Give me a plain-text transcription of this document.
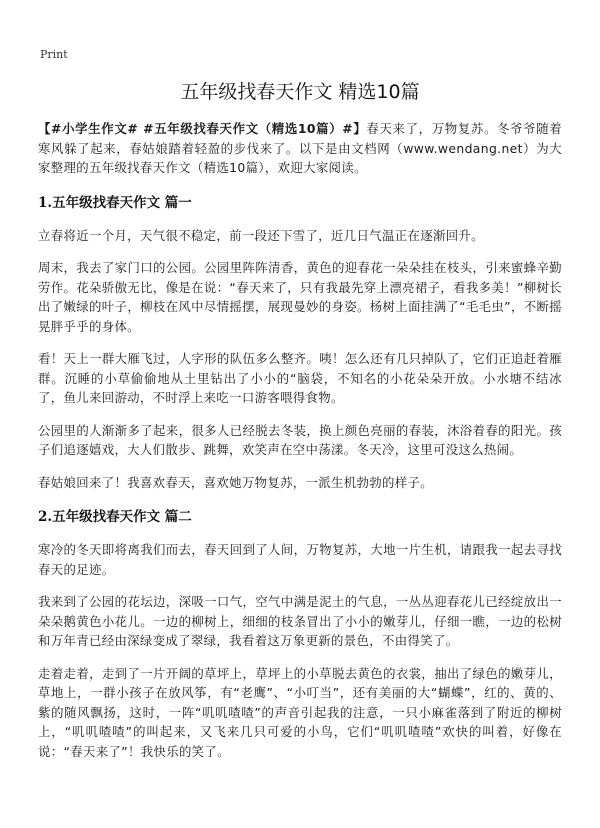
Print
五年级找春天作文 精选10篇

【#小学生作文# #五年级找春天作文（精选10篇）#】春天来了，万物复苏。冬爷爷随着寒风躲了起来，春姑娘踏着轻盈的步伐来了。以下是由文档网（www.wendang.net）为大家整理的五年级找春天作文（精选10篇），欢迎大家阅读。

1.五年级找春天作文 篇一

立春将近一个月，天气很不稳定，前一段还下雪了，近几日气温正在逐渐回升。

周末，我去了家门口的公园。公园里阵阵清香，黄色的迎春花一朵朵挂在枝头，引来蜜蜂辛勤劳作。花朵骄傲无比，像是在说：“春天来了，只有我最先穿上漂亮裙子，看我多美！”柳树长出了嫩绿的叶子，柳枝在风中尽情摇摆，展现曼妙的身姿。杨树上面挂满了“毛毛虫”，不断摇晃胖乎乎的身体。

看！天上一群大雁飞过，人字形的队伍多么整齐。咦！怎么还有几只掉队了，它们正追赶着雁群。沉睡的小草偷偷地从土里钻出了小小的“脑袋，不知名的小花朵朵开放。小水塘不结冰了，鱼儿来回游动，不时浮上来吃一口游客喂得食物。

公园里的人渐渐多了起来，很多人已经脱去冬装，换上颜色亮丽的春装，沐浴着春的阳光。孩子们追逐嬉戏，大人们散步、跳舞，欢笑声在空中荡漾。冬天冷，这里可没这么热闹。

春姑娘回来了！我喜欢春天，喜欢她万物复苏，一派生机勃勃的样子。

2.五年级找春天作文 篇二

寒冷的冬天即将离我们而去，春天回到了人间，万物复苏，大地一片生机，请跟我一起去寻找春天的足迹。

我来到了公园的花坛边，深吸一口气，空气中满是泥土的气息，一丛丛迎春花儿已经绽放出一朵朵鹅黄色小花儿。一边的柳树上，细细的枝条冒出了小小的嫩芽儿，仔细一瞧，一边的松树和万年青已经由深绿变成了翠绿，我看着这万象更新的景色，不由得笑了。

走着走着，走到了一片开阔的草坪上，草坪上的小草脱去黄色的衣裳，抽出了绿色的嫩芽儿，草地上，一群小孩子在放风筝，有“老鹰”、“小叮当”，还有美丽的大“蝴蝶”，红的、黄的、紫的随风飘扬，这时，一阵“叽叽喳喳”的声音引起我的注意，一只小麻雀落到了附近的柳树上，“叽叽喳喳”的叫起来，又飞来几只可爱的小鸟，它们“叽叽喳喳”欢快的叫着，好像在说：“春天来了”！我快乐的笑了。
